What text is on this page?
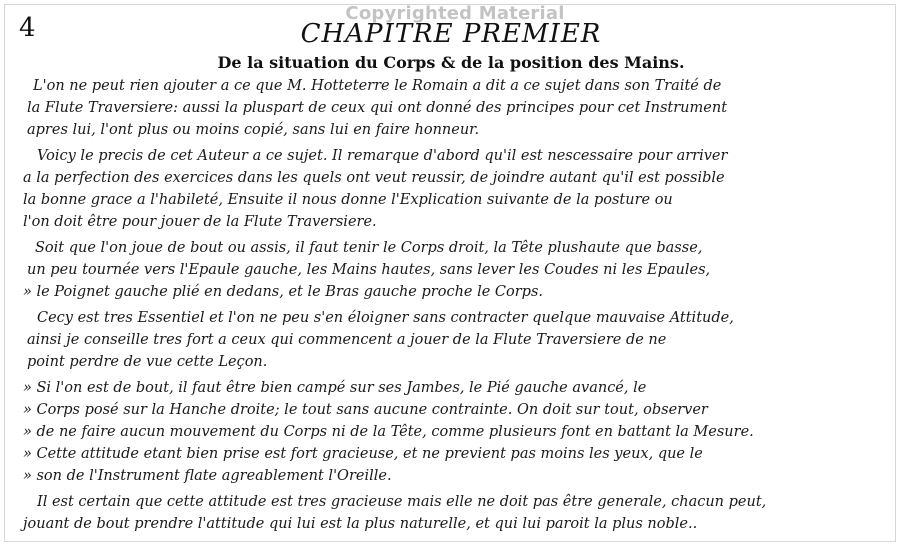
4	Copyrighted Material
CHAPITRE PREMIER
De la situation du Corps & de la position des Mains.
L'on ne peut rien ajouter a ce que M. Hotteterre le Romain a dit a ce sujet dans son Traité de
la Flute Traversiere: aussi la pluspart de ceux qui ont donné des principes pour cet Instrument
apres lui, l'ont plus ou moins copié, sans lui en faire honneur.
Voicy le precis de cet Auteur a ce sujet. Il remarque d'abord qu'il est nescessaire pour arriver
a la perfection des exercices dans les quels ont veut reussir, de joindre autant qu'il est possible
la bonne grace a l'habileté, Ensuite il nous donne l'Explication suivante de la posture ou
l'on doit être pour jouer de la Flute Traversiere.
Soit que l'on joue de bout ou assis, il faut tenir le Corps droit, la Tête plushaute que basse,
un peu tournée vers l'Epaule gauche, les Mains hautes, sans lever les Coudes ni les Epaules,
» le Poignet gauche plié en dedans, et le Bras gauche proche le Corps.
Cecy est tres Essentiel et l'on ne peu s'en éloigner sans contracter quelque mauvaise Attitude,
ainsi je conseille tres fort a ceux qui commencent a jouer de la Flute Traversiere de ne
point perdre de vue cette Leçon.
» Si l'on est de bout, il faut être bien campé sur ses Jambes, le Pié gauche avancé, le
» Corps posé sur la Hanche droite; le tout sans aucune contrainte. On doit sur tout, observer
» de ne faire aucun mouvement du Corps ni de la Tête, comme plusieurs font en battant la Mesure.
» Cette attitude etant bien prise est fort gracieuse, et ne previent pas moins les yeux, que le
» son de l'Instrument flate agreablement l'Oreille.
Il est certain que cette attitude est tres gracieuse mais elle ne doit pas être generale, chacun peut,
jouant de bout prendre l'attitude qui lui est la plus naturelle, et qui lui paroit la plus noble..
